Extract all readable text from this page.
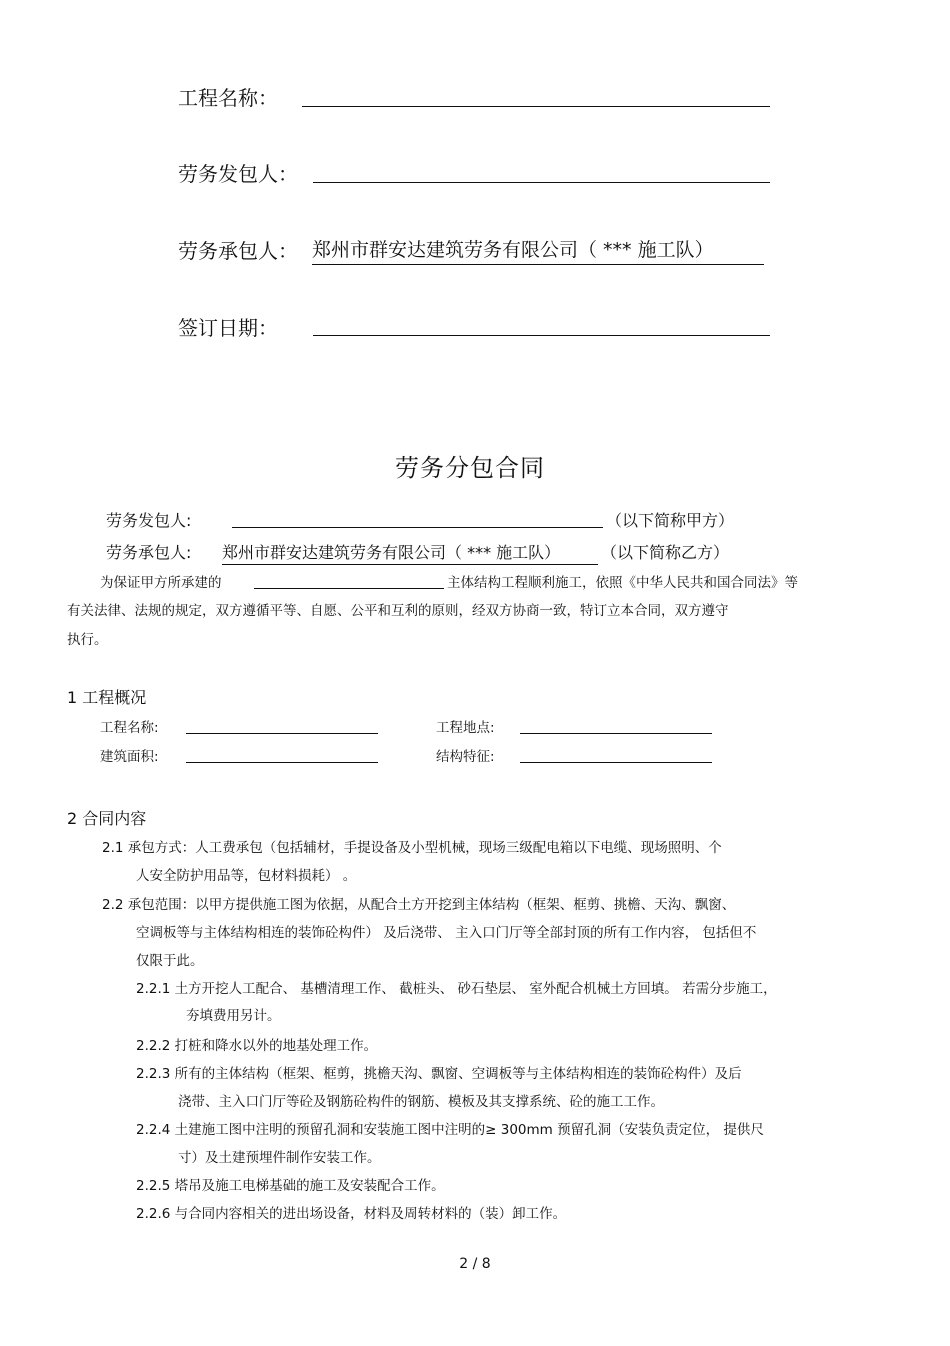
工程名称：
劳务发包人：
劳务承包人： 郑州市群安达建筑劳务有限公司（ *** 施工队）
签订日期：
劳务分包合同
劳务发包人:	（以下简称甲方）
劳务承包人: 郑州市群安达建筑劳务有限公司（ *** 施工队）	（以下简称乙方）
为保证甲方所承建的	主体结构工程顺利施工，依照《中华人民共和国合同法》等
有关法律、法规的规定，双方遵循平等、自愿、公平和互利的原则，经双方协商一致，特订立本合同，双方遵守
执行。
1 工程概况
工程名称:	工程地点:
建筑面积:	结构特征:
2 合同内容
2.1 承包方式：人工费承包（包括辅材，手提设备及小型机械，现场三级配电箱以下电缆、现场照明、个
人安全防护用品等，包材料损耗） 。
2.2 承包范围：以甲方提供施工图为依据，从配合土方开挖到主体结构（框架、框剪、挑檐、天沟、飘窗、
空调板等与主体结构相连的装饰砼构件） 及后浇带、 主入口门厅等全部封顶的所有工作内容， 包括但不
仅限于此。
2.2.1 土方开挖人工配合、 基槽清理工作、 截桩头、 砂石垫层、 室外配合机械土方回填。 若需分步施工，
夯填费用另计。
2.2.2 打桩和降水以外的地基处理工作。
2.2.3 所有的主体结构（框架、框剪，挑檐天沟、飘窗、空调板等与主体结构相连的装饰砼构件）及后
浇带、主入口门厅等砼及钢筋砼构件的钢筋、模板及其支撑系统、砼的施工工作。
2.2.4 土建施工图中注明的预留孔洞和安装施工图中注明的≥ 300mm 预留孔洞（安装负责定位， 提供尺
寸）及土建预埋件制作安装工作。
2.2.5 塔吊及施工电梯基础的施工及安装配合工作。
2.2.6 与合同内容相关的进出场设备，材料及周转材料的（装）卸工作。
2 / 8
